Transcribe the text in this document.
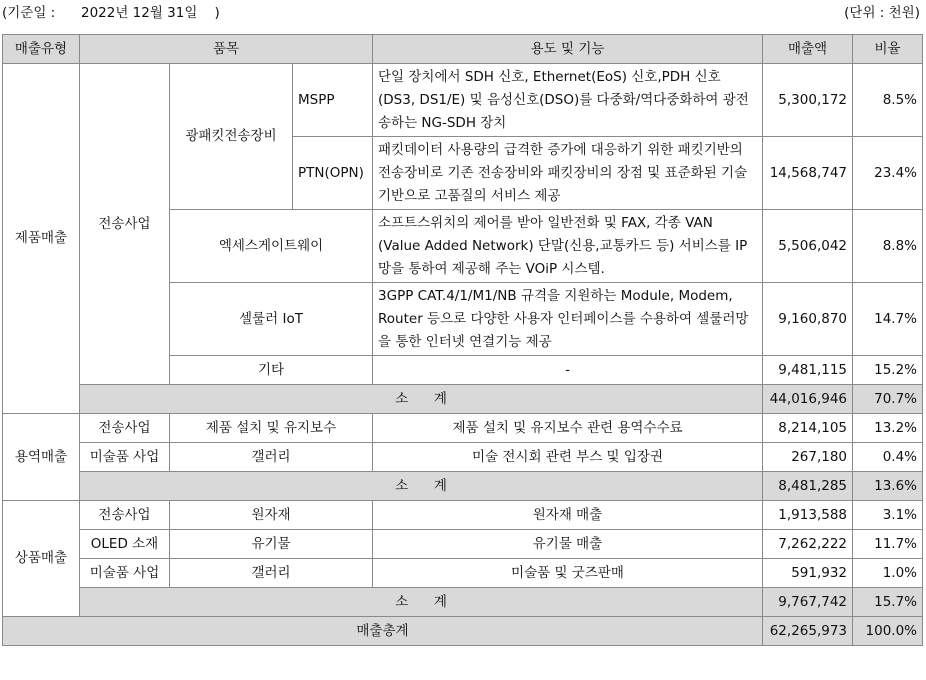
(기준일 :      2022년 12월 31일    )	(단위 : 천원)
매출유형	품목			용도 및 기능	매출액	비율
제품매출	전송사업	광패킷전송장비	MSPP	단일 장치에서 SDH 신호, Ethernet(EoS) 신호,PDH 신호(DS3, DS1/E) 및 음성신호(DSO)를 다중화/역다중화하여 광전송하는 NG-SDH 장치	5,300,172	8.5%
			PTN(OPN)	패킷데이터 사용량의 급격한 증가에 대응하기 위한 패킷기반의 전송장비로 기존 전송장비와 패킷장비의 장점 및 표준화된 기술기반으로 고품질의 서비스 제공	14,568,747	23.4%
		엑세스게이트웨이		소프트스위치의 제어를 받아 일반전화 및 FAX, 각종 VAN (Value Added Network) 단말(신용,교통카드 등) 서비스를 IP망을 통하여 제공해 주는 VOiP 시스템.	5,506,042	8.8%
		셀룰러 IoT		3GPP CAT.4/1/M1/NB 규격을 지원하는 Module, Modem, Router 등으로 다양한 사용자 인터페이스를 수용하여 셀룰러망을 통한 인터넷 연결기능 제공	9,160,870	14.7%
		기타		-	9,481,115	15.2%
	소      계				44,016,946	70.7%
용역매출	전송사업	제품 설치 및 유지보수		제품 설치 및 유지보수 관련 용역수수료	8,214,105	13.2%
	미술품 사업	갤러리		미술 전시회 관련 부스 및 입장권	267,180	0.4%
	소      계				8,481,285	13.6%
상품매출	전송사업	원자재		원자재 매출	1,913,588	3.1%
	OLED 소재	유기물		유기물 매출	7,262,222	11.7%
	미술품 사업	갤러리		미술품 및 굿즈판매	591,932	1.0%
	소      계				9,767,742	15.7%
매출총계					62,265,973	100.0%
